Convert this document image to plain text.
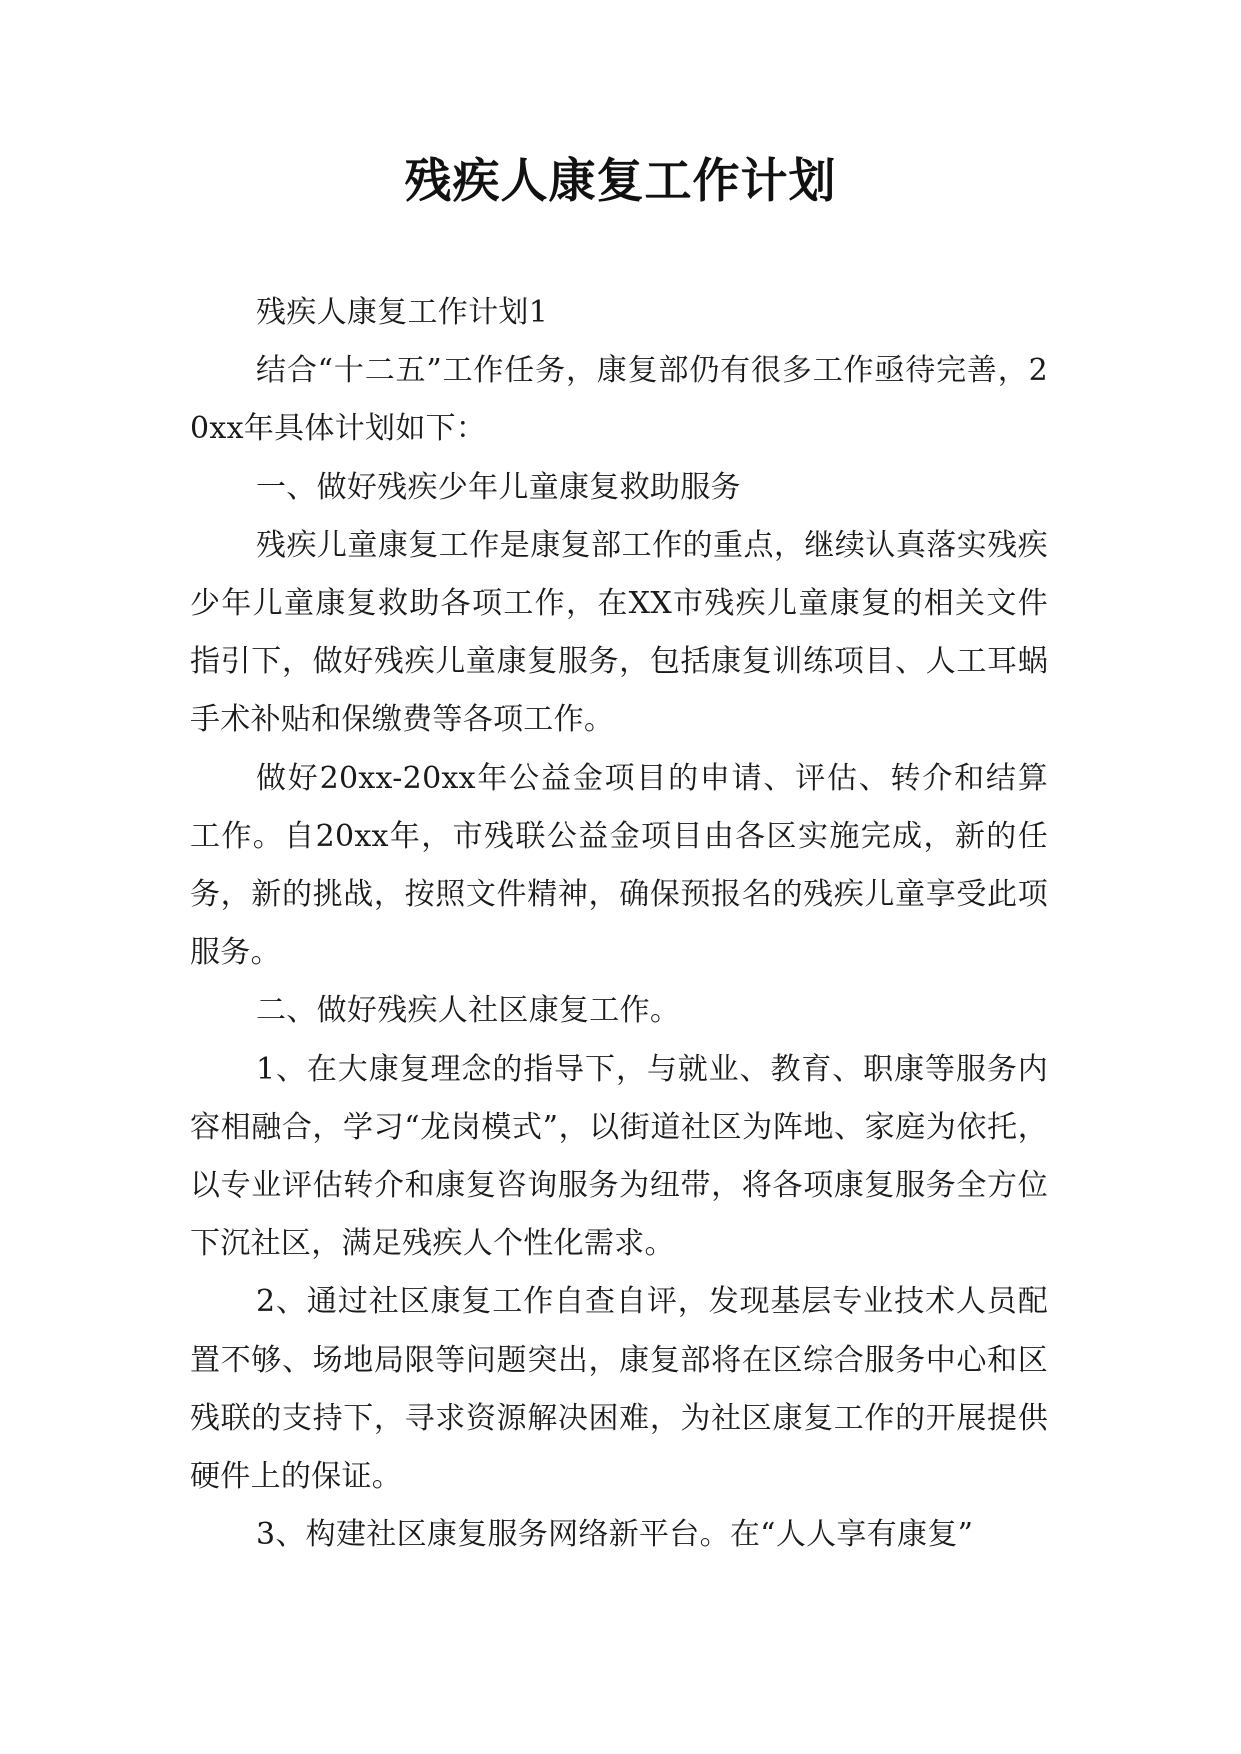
残疾人康复工作计划

残疾人康复工作计划1

结合“十二五”工作任务，康复部仍有很多工作亟待完善，20xx年具体计划如下：

一、做好残疾少年儿童康复救助服务

残疾儿童康复工作是康复部工作的重点，继续认真落实残疾少年儿童康复救助各项工作，在XX市残疾儿童康复的相关文件指引下，做好残疾儿童康复服务，包括康复训练项目、人工耳蜗手术补贴和保缴费等各项工作。

做好20xx-20xx年公益金项目的申请、评估、转介和结算工作。自20xx年，市残联公益金项目由各区实施完成，新的任务，新的挑战，按照文件精神，确保预报名的残疾儿童享受此项服务。

二、做好残疾人社区康复工作。

1、在大康复理念的指导下，与就业、教育、职康等服务内容相融合，学习“龙岗模式”，以街道社区为阵地、家庭为依托，以专业评估转介和康复咨询服务为纽带，将各项康复服务全方位下沉社区，满足残疾人个性化需求。

2、通过社区康复工作自查自评，发现基层专业技术人员配置不够、场地局限等问题突出，康复部将在区综合服务中心和区残联的支持下，寻求资源解决困难，为社区康复工作的开展提供硬件上的保证。

3、构建社区康复服务网络新平台。在“人人享有康复”
